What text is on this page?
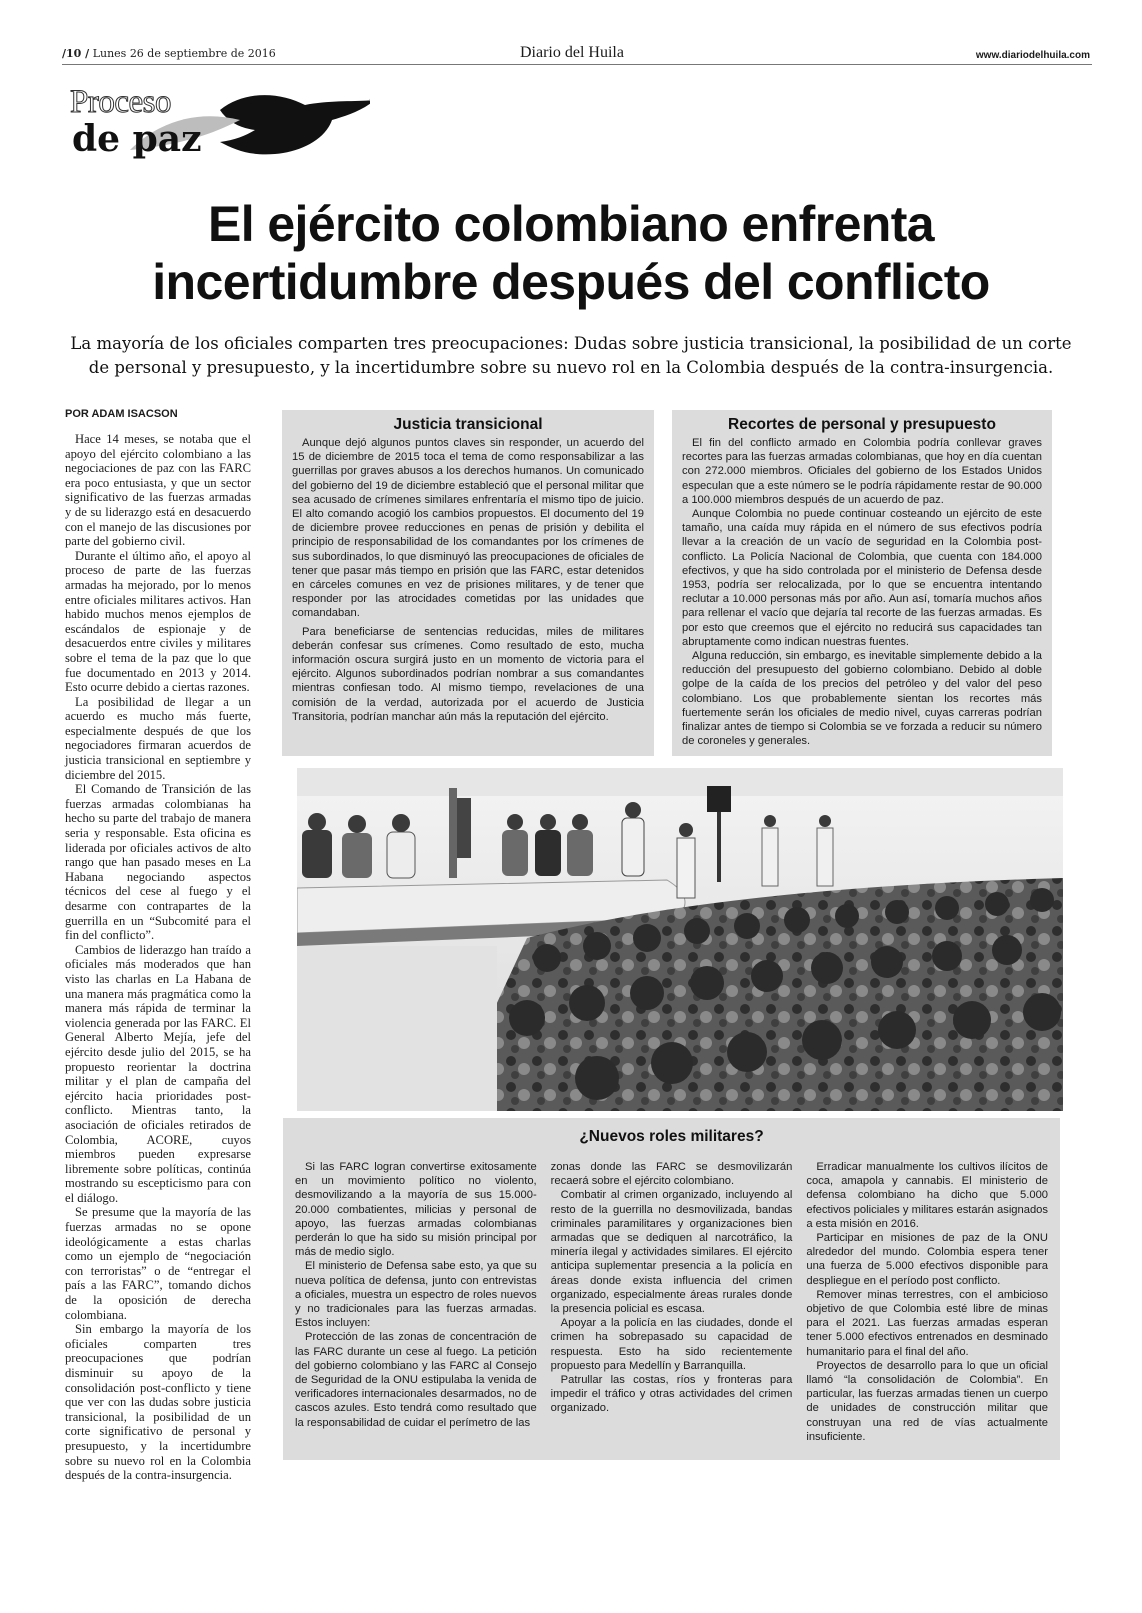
/10 / Lunes 26 de septiembre de 2016	Diario del Huila	www.diariodelhuila.com
Proceso
de paz
El ejército colombiano enfrenta
incertidumbre después del conflicto
La mayoría de los oficiales comparten tres preocupaciones: Dudas sobre justicia transicional, la posibilidad de un corte de personal y presupuesto, y la incertidumbre sobre su nuevo rol en la Colombia después de la contra-insurgencia.
POR ADAM ISACSON

Hace 14 meses, se notaba que el apoyo del ejército colombiano a las negociaciones de paz con las FARC era poco entusiasta, y que un sector significativo de las fuerzas armadas y de su liderazgo está en desacuerdo con el manejo de las discusiones por parte del gobierno civil.

Durante el último año, el apoyo al proceso de parte de las fuerzas armadas ha mejorado, por lo menos entre oficiales militares activos. Han habido muchos menos ejemplos de escándalos de espionaje y de desacuerdos entre civiles y militares sobre el tema de la paz que lo que fue documentado en 2013 y 2014. Esto ocurre debido a ciertas razones.

La posibilidad de llegar a un acuerdo es mucho más fuerte, especialmente después de que los negociadores firmaran acuerdos de justicia transicional en septiembre y diciembre del 2015.

El Comando de Transición de las fuerzas armadas colombianas ha hecho su parte del trabajo de manera seria y responsable. Esta oficina es liderada por oficiales activos de alto rango que han pasado meses en La Habana negociando aspectos técnicos del cese al fuego y el desarme con contrapartes de la guerrilla en un “Subcomité para el fin del conflicto”.

Cambios de liderazgo han traído a oficiales más moderados que han visto las charlas en La Habana de una manera más pragmática como la manera más rápida de terminar la violencia generada por las FARC. El General Alberto Mejía, jefe del ejército desde julio del 2015, se ha propuesto reorientar la doctrina militar y el plan de campaña del ejército hacia prioridades post-conflicto. Mientras tanto, la asociación de oficiales retirados de Colombia, ACORE, cuyos miembros pueden expresarse libremente sobre políticas, continúa mostrando su escepticismo para con el diálogo.

Se presume que la mayoría de las fuerzas armadas no se opone ideológicamente a estas charlas como un ejemplo de “negociación con terroristas” o de “entregar el país a las FARC”, tomando dichos de la oposición de derecha colombiana.

Sin embargo la mayoría de los oficiales comparten tres preocupaciones que podrían disminuir su apoyo de la consolidación post-conflicto y tiene que ver con las dudas sobre justicia transicional, la posibilidad de un corte significativo de personal y presupuesto, y la incertidumbre sobre su nuevo rol en la Colombia después de la contra-insurgencia.

Justicia transicional

Aunque dejó algunos puntos claves sin responder, un acuerdo del 15 de diciembre de 2015 toca el tema de como responsabilizar a las guerrillas por graves abusos a los derechos humanos. Un comunicado del gobierno del 19 de diciembre estableció que el personal militar que sea acusado de crímenes similares enfrentaría el mismo tipo de juicio. El alto comando acogió los cambios propuestos. El documento del 19 de diciembre provee reducciones en penas de prisión y debilita el principio de responsabilidad de los comandantes por los crímenes de sus subordinados, lo que disminuyó las preocupaciones de oficiales de tener que pasar más tiempo en prisión que las FARC, estar detenidos en cárceles comunes en vez de prisiones militares, y de tener que responder por las atrocidades cometidas por las unidades que comandaban.

Para beneficiarse de sentencias reducidas, miles de militares deberán confesar sus crímenes. Como resultado de esto, mucha información oscura surgirá justo en un momento de victoria para el ejército. Algunos subordinados podrían nombrar a sus comandantes mientras confiesan todo. Al mismo tiempo, revelaciones de una comisión de la verdad, autorizada por el acuerdo de Justicia Transitoria, podrían manchar aún más la reputación del ejército.

Recortes de personal y presupuesto

El fin del conflicto armado en Colombia podría conllevar graves recortes para las fuerzas armadas colombianas, que hoy en día cuentan con 272.000 miembros. Oficiales del gobierno de los Estados Unidos especulan que a este número se le podría rápidamente restar de 90.000 a 100.000 miembros después de un acuerdo de paz.

Aunque Colombia no puede continuar costeando un ejército de este tamaño, una caída muy rápida en el número de sus efectivos podría llevar a la creación de un vacío de seguridad en la Colombia post-conflicto. La Policía Nacional de Colombia, que cuenta con 184.000 efectivos, y que ha sido controlada por el ministerio de Defensa desde 1953, podría ser relocalizada, por lo que se encuentra intentando reclutar a 10.000 personas más por año. Aun así, tomaría muchos años para rellenar el vacío que dejaría tal recorte de las fuerzas armadas. Es por esto que creemos que el ejército no reducirá sus capacidades tan abruptamente como indican nuestras fuentes.

Alguna reducción, sin embargo, es inevitable simplemente debido a la reducción del presupuesto del gobierno colombiano. Debido al doble golpe de la caída de los precios del petróleo y del valor del peso colombiano. Los que probablemente sientan los recortes más fuertemente serán los oficiales de medio nivel, cuyas carreras podrían finalizar antes de tiempo si Colombia se ve forzada a reducir su número de coroneles y generales.

¿Nuevos roles militares?

Si las FARC logran convertirse exitosamente en un movimiento político no violento, desmovilizando a la mayoría de sus 15.000-20.000 combatientes, milicias y personal de apoyo, las fuerzas armadas colombianas perderán lo que ha sido su misión principal por más de medio siglo.

El ministerio de Defensa sabe esto, ya que su nueva política de defensa, junto con entrevistas a oficiales, muestra un espectro de roles nuevos y no tradicionales para las fuerzas armadas. Estos incluyen:

Protección de las zonas de concentración de las FARC durante un cese al fuego. La petición del gobierno colombiano y las FARC al Consejo de Seguridad de la ONU estipulaba la venida de verificadores internacionales desarmados, no de cascos azules. Esto tendrá como resultado que la responsabilidad de cuidar el perímetro de las

zonas donde las FARC se desmovilizarán recaerá sobre el ejército colombiano.

Combatir al crimen organizado, incluyendo al resto de la guerrilla no desmovilizada, bandas criminales paramilitares y organizaciones bien armadas que se dediquen al narcotráfico, la minería ilegal y actividades similares. El ejército anticipa suplementar presencia a la policía en áreas donde exista influencia del crimen organizado, especialmente áreas rurales donde la presencia policial es escasa.

Apoyar a la policía en las ciudades, donde el crimen ha sobrepasado su capacidad de respuesta. Esto ha sido recientemente propuesto para Medellín y Barranquilla.

Patrullar las costas, ríos y fronteras para impedir el tráfico y otras actividades del crimen organizado.

Erradicar manualmente los cultivos ilícitos de coca, amapola y cannabis. El ministerio de defensa colombiano ha dicho que 5.000 efectivos policiales y militares estarán asignados a esta misión en 2016.

Participar en misiones de paz de la ONU alrededor del mundo. Colombia espera tener una fuerza de 5.000 efectivos disponible para despliegue en el período post conflicto.

Remover minas terrestres, con el ambicioso objetivo de que Colombia esté libre de minas para el 2021. Las fuerzas armadas esperan tener 5.000 efectivos entrenados en desminado humanitario para el final del año.

Proyectos de desarrollo para lo que un oficial llamó “la consolidación de Colombia”. En particular, las fuerzas armadas tienen un cuerpo de unidades de construcción militar que construyan una red de vías actualmente insuficiente.
